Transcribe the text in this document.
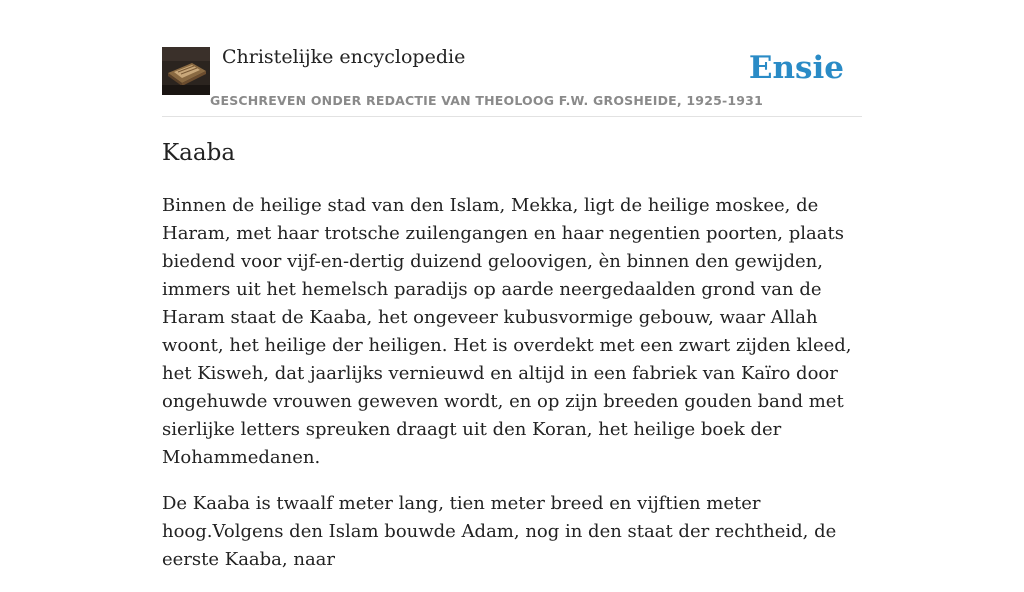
Christelijke encyclopedie
GESCHREVEN ONDER REDACTIE VAN THEOLOOG F.W. GROSHEIDE, 1925-1931
Ensie
Kaaba

Binnen de heilige stad van den Islam, Mekka, ligt de heilige moskee, de Haram, met haar trotsche zuilengangen en haar negentien poorten, plaats biedend voor vijf-en-dertig duizend geloovigen, èn binnen den gewijden, immers uit het hemelsch paradijs op aarde neergedaalden grond van de Haram staat de Kaaba, het ongeveer kubusvormige gebouw, waar Allah woont, het heilige der heiligen. Het is overdekt met een zwart zijden kleed, het Kisweh, dat jaarlijks vernieuwd en altijd in een fabriek van Kaïro door ongehuwde vrouwen geweven wordt, en op zijn breeden gouden band met sierlijke letters spreuken draagt uit den Koran, het heilige boek der Mohammedanen.

De Kaaba is twaalf meter lang, tien meter breed en vijftien meter hoog.Volgens den Islam bouwde Adam, nog in den staat der rechtheid, de eerste Kaaba, naar
